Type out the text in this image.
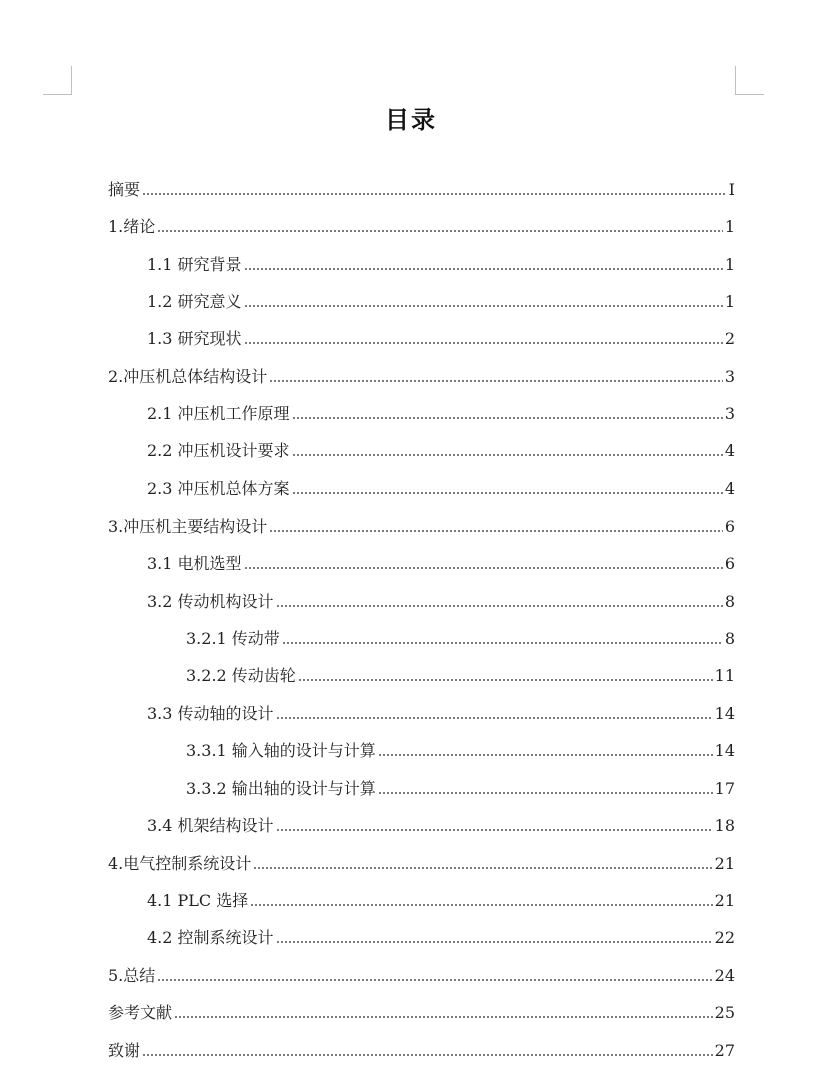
目录
摘要	I
1.绪论	1
1.1 研究背景	1
1.2 研究意义	1
1.3 研究现状	2
2.冲压机总体结构设计	3
2.1 冲压机工作原理	3
2.2 冲压机设计要求	4
2.3 冲压机总体方案	4
3.冲压机主要结构设计	6
3.1 电机选型	6
3.2 传动机构设计	8
3.2.1 传动带	8
3.2.2 传动齿轮	11
3.3 传动轴的设计	14
3.3.1 输入轴的设计与计算	14
3.3.2 输出轴的设计与计算	17
3.4 机架结构设计	18
4.电气控制系统设计	21
4.1 PLC 选择	21
4.2 控制系统设计	22
5.总结	24
参考文献	25
致谢	27
